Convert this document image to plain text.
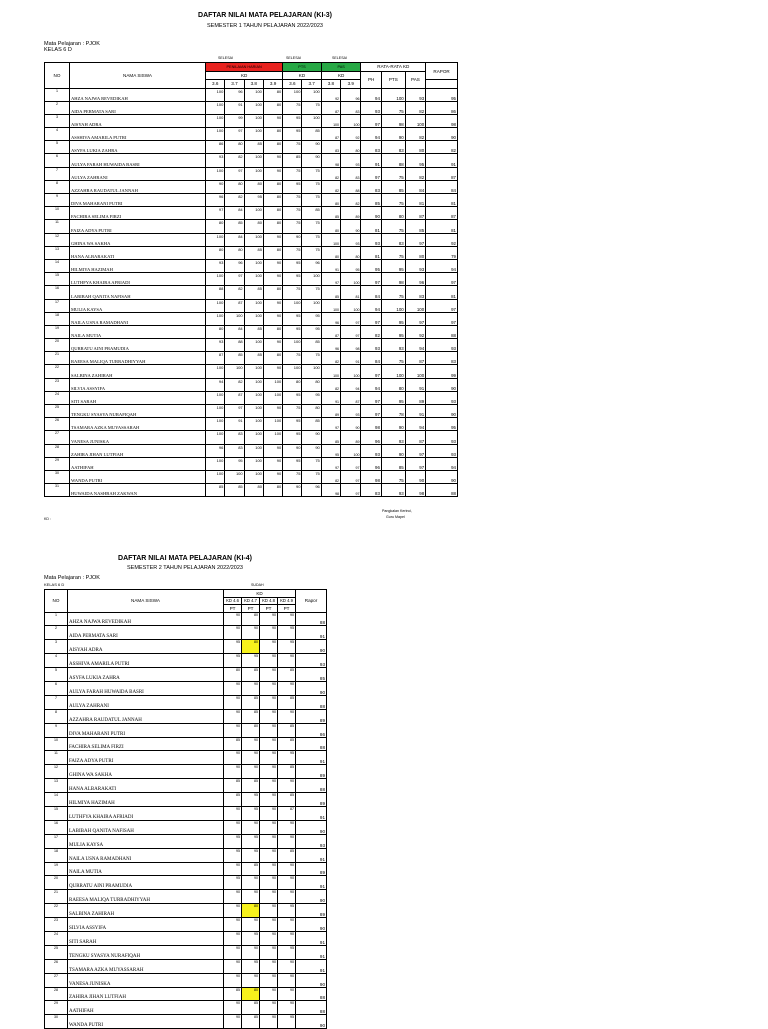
DAFTAR NILAI MATA PELAJARAN (KI-3)
SEMESTER 1 TAHUN PELAJARAN 2022/2023
Mata Pelajaran : PJOK
KELAS 6 D
SELESAI	SELESAI	SELESAI
NO	NAMA SISWA	PENILAIAN HARIAN				PTS		PAS		RATA-RATA KD			RAPOR
		KD				KD		KD		PH	PTS	PAS	
		3.6	3.7	3.8	3.9	3.6	3.7	3.8	3.9				
1	AHZA NAJWA REVEDIKAH	100	96	100	80	100	100	92	96	94	100	93	95
2	AIDA PERMATA SARI	100	91	100	80	75	75	87	83	93	75	82	86
3	AISYAH ADRA	100	99	100	90	95	100	100	100	97	98	100	98
4	ASSHIVA AMARILA PUTRI	100	97	100	80	95	85	87	92	94	90	82	90
5	ASYFA LUKIA ZAHRA	86	80	85	80	75	90	83	80	83	83	80	82
6	AULYA FARAH HUWAIDA BASRI	93	82	100	90	85	90	98	93	91	88	95	91
7	AULYA ZAHRANI	100	97	100	90	75	75	82	83	97	75	82	87
8	AZZAHRA RAUDATUL JANNAH	90	80	80	80	95	75	82	88	83	85	84	84
9	DIVA MAHARANI PUTRI	96	82	95	80	75	75	80	82	85	75	81	81
10	FACHIRA SELIMA FIRZI	97	84	100	80	75	85	85	89	90	80	87	87
11	FAIZA ADYA PUTRI	80	85	80	80	75	75	80	90	81	75	85	81
12	GHINA WA SAKHA	100	84	100	90	90	75	100	93	93	83	97	92
13	HANA ALBARAKATI	80	80	85	80	75	75	80	80	81	75	80	79
14	HILMIYA HAZIMAH	93	96	100	90	95	96	91	95	95	95	93	94
15	LUTHFYA KHAIRA AFRIADI	100	97	100	90	95	100	97	100	97	98	96	97
16	LABIBAH QANITA NAFISAH	88	82	85	80	75	75	85	81	84	75	83	81
17	MULIA KAYSA	100	87	100	90	100	100	100	100	94	100	100	97
18	NAILA USNA RAMADHANI	100	100	100	90	95	95	96	97	97	95	97	97
19	NAILA MUTIA	80	84	85	80	95	95	87	97	82	95	92	88
20	QURRATU AINI PRAMUDIA	93	88	100	90	100	85	96	98	93	93	94	93
21	RAEESA MALIQA TURRADHIYYAH	87	85	85	80	75	75	82	91	84	75	87	83
22	SALBINA ZAHIRAH	100	100	100	90	100	100	100	100	97	100	100	99
23	SILVIA ASSYIFA	94	82	100	100	80	80	82	94	94	80	91	90
24	SITI SARAH	100	87	100	100	95	95	91	87	97	95	89	93
25	TENGKU SYASYA NURAFIQAH	100	97	100	90	75	80	89	93	97	78	91	90
26	TSAMARA AZKA MUYASSARAH	100	91	100	100	95	85	97	90	98	90	94	95
27	VANESA JUNISKA	100	83	100	100	95	90	85	89	96	93	87	93
28	ZAHIRA JIHAN LUTFIAH	96	83	100	90	90	90	95	100	93	90	97	93
29	AATHIFAH	100	95	100	90	95	75	97	97	96	85	97	94
30	WANDA PUTRI	100	100	100	90	75	75	82	97	98	75	90	90
31	HUWAIDA NASHBAH ZAKWAN	85	85	80	80	90	96	98	97	83	93	98	88
KD :
Pangkalan Kerinci,
Guru Mapel
DAFTAR NILAI MATA PELAJARAN (KI-4)
SEMESTER 2 TAHUN PELAJARAN 2022/2023
Mata Pelajaran : PJOK
KELAS 6 D	SUDAH
NO	NAMA SISWA	KD				Rapor
		KD 4.6	KD 4.7	KD 4.8	KD 4.9	
		PT	PT	PT	PT	
1	AHZA NAJWA REVEDIKAH	90	80	90	90	88
2	AIDA PERMATA SARI	90	90	90	95	91
3	AISYAH ADRA	95	80	90	95	90
4	ASSHIVA AMARILA PUTRI	95	95	90	90	93
5	ASYFA LUKIA ZAHRA	80	85	90	85	85
6	AULYA FARAH HUWAIDA BASRI	90	90	90	90	90
7	AULYA ZAHRANI	90	85	90	85	88
8	AZZAHRA RAUDATUL JANNAH	90	85	90	90	89
9	DIVA MAHARANI PUTRI	90	80	90	85	86
10	FACHIRA SELIMA FIRZI	85	90	90	85	88
11	FAIZA ADYA PUTRI	90	90	90	95	91
12	GHINA WA SAKHA	90	90	90	85	89
13	HANA ALBARAKATI	85	85	90	90	88
14	HILMIYA HAZIMAH	85	95	90	85	89
15	LUTHFYA KHAIRA AFRIADI	90	95	90	87	91
16	LABIBAH QANITA NAFISAH	90	90	90	90	90
17	MULIA KAYSA	95	95	90	90	93
18	NAILA USNA RAMADHANI	95	95	90	85	91
19	NAILA MUTIA	90	85	90	90	89
20	QURRATU AINI PRAMUDIA	95	90	90	90	91
21	RAEESA MALIQA TURRADHIYYAH	90	90	90	90	90
22	SALBINA ZAHIRAH	90	80	90	95	89
23	SILVIA ASSYIFA	90	90	90	90	90
24	SITI SARAH	90	95	90	90	91
25	TENGKU SYASYA NURAFIQAH	90	90	90	95	91
26	TSAMARA AZKA MUYASSARAH	90	95	90	90	91
27	VANESA JUNISKA	90	90	90	90	90
28	ZAHIRA JIHAN LUTFIAH	85	80	90	90	88
29	AATHIFAH	90	85	90	90	88
30	WANDA PUTRI	90	85	90	95	90
